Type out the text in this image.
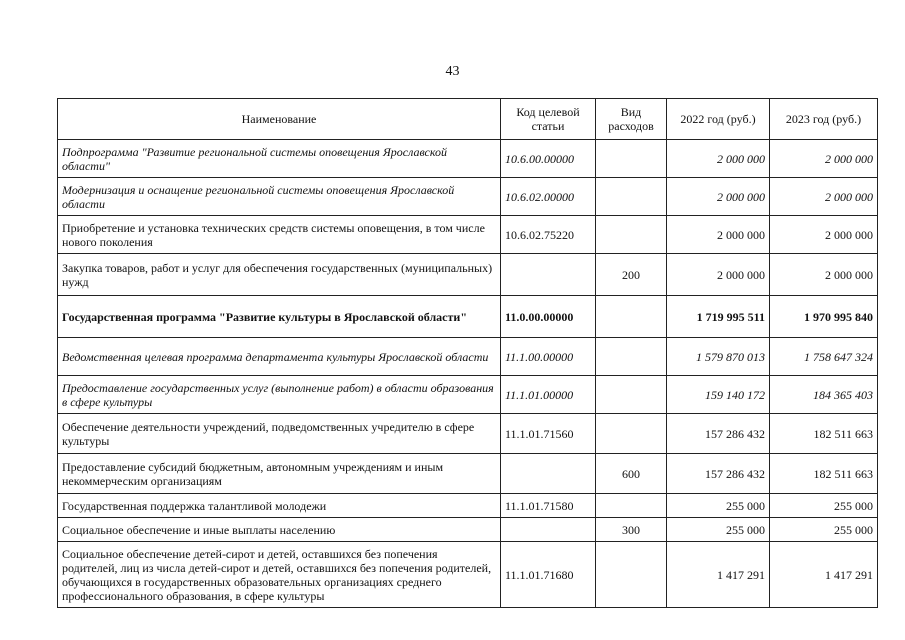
43
Наименование	Код целевой статьи	Вид расходов	2022 год (руб.)	2023 год (руб.)
Подпрограмма "Развитие региональной системы оповещения Ярославской области"	10.6.00.00000		2 000 000	2 000 000
Модернизация и оснащение региональной системы оповещения Ярославской области	10.6.02.00000		2 000 000	2 000 000
Приобретение и установка технических средств системы оповещения, в том числе нового поколения	10.6.02.75220		2 000 000	2 000 000
Закупка товаров, работ и услуг для обеспечения государственных (муниципальных) нужд		200	2 000 000	2 000 000
Государственная программа "Развитие культуры в Ярославской области"	11.0.00.00000		1 719 995 511	1 970 995 840
Ведомственная целевая программа департамента культуры Ярославской области	11.1.00.00000		1 579 870 013	1 758 647 324
Предоставление государственных услуг (выполнение работ) в области образования в сфере культуры	11.1.01.00000		159 140 172	184 365 403
Обеспечение деятельности учреждений, подведомственных учредителю в сфере культуры	11.1.01.71560		157 286 432	182 511 663
Предоставление субсидий бюджетным, автономным учреждениям и иным некоммерческим организациям		600	157 286 432	182 511 663
Государственная поддержка талантливой молодежи	11.1.01.71580		255 000	255 000
Социальное обеспечение и иные выплаты населению		300	255 000	255 000
Социальное обеспечение детей-сирот и детей, оставшихся без попечения родителей, лиц из числа детей-сирот и детей, оставшихся без попечения родителей, обучающихся в государственных образовательных организациях среднего профессионального образования, в сфере культуры	11.1.01.71680		1 417 291	1 417 291
